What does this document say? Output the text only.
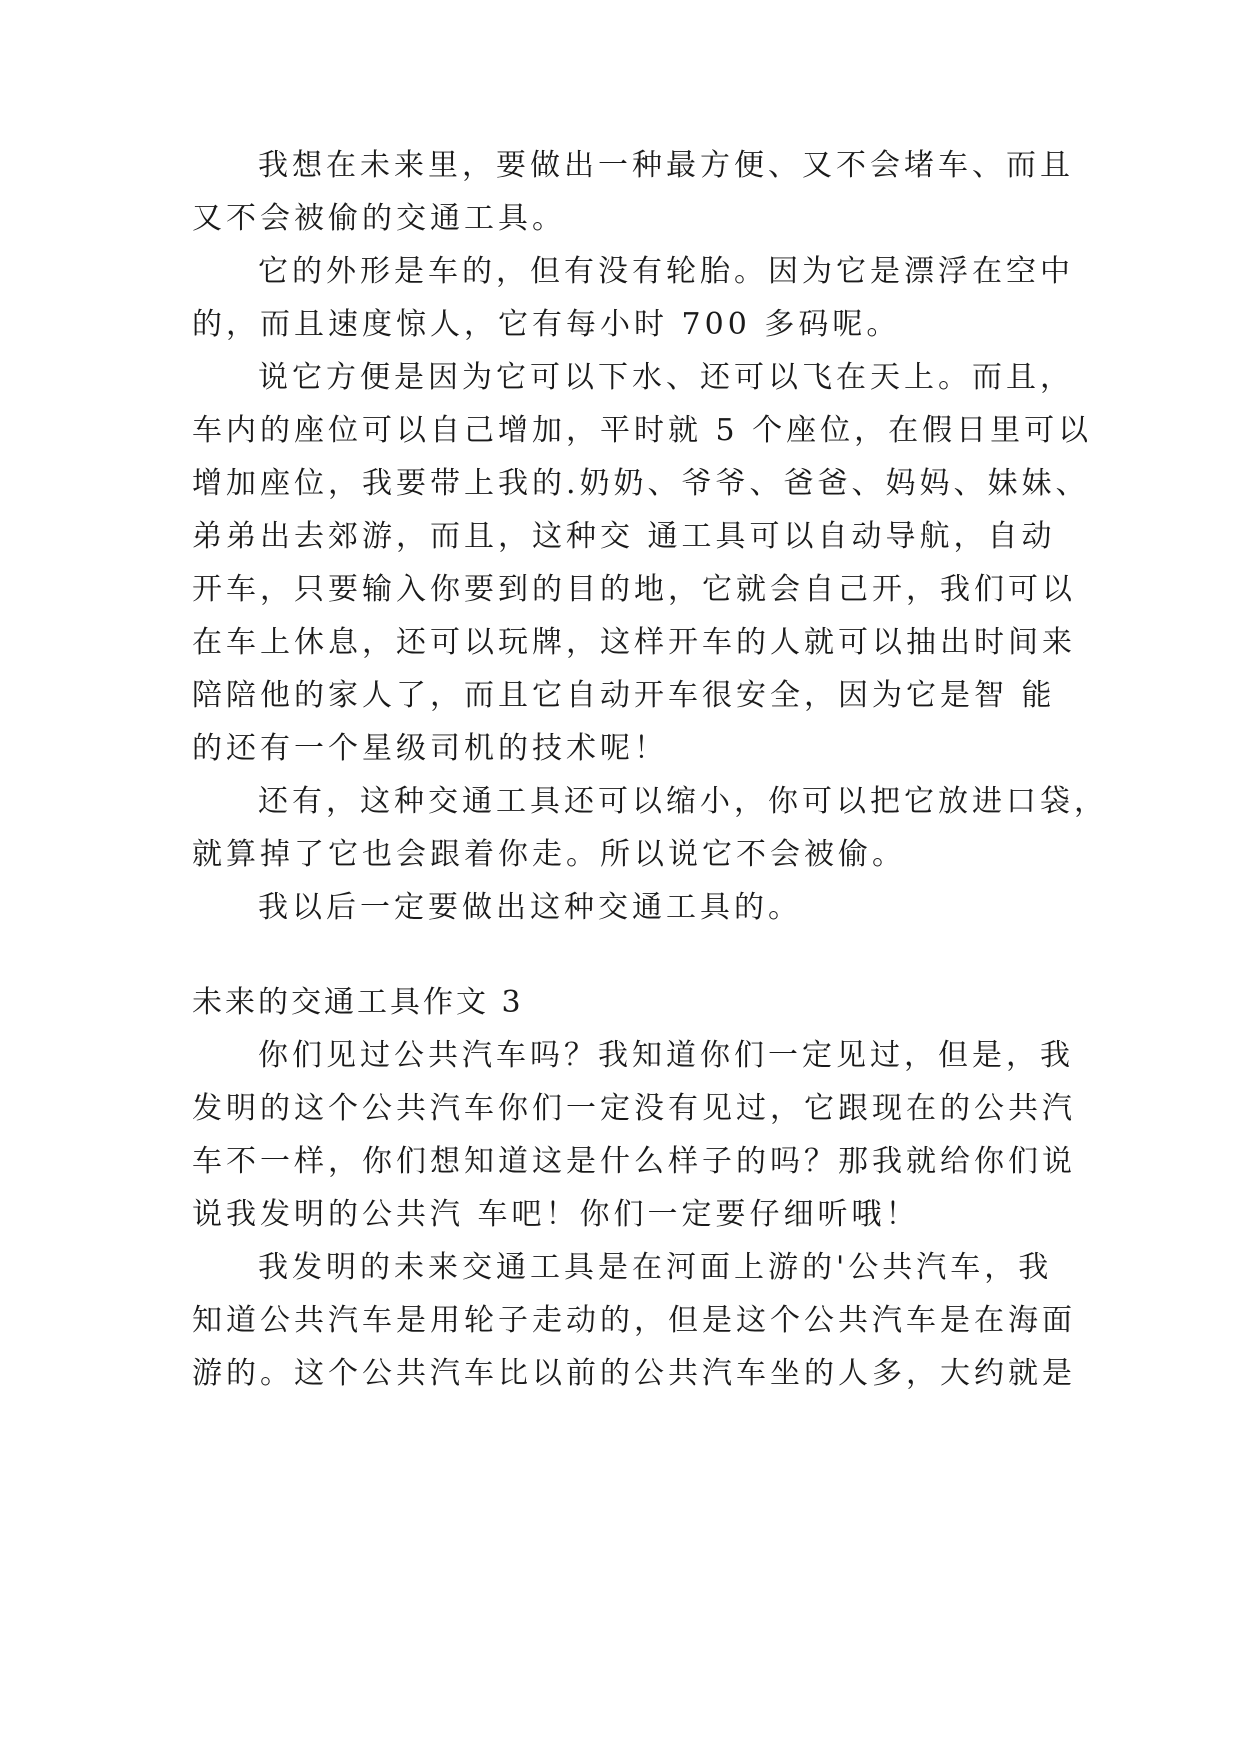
我想在未来里，要做出一种最方便、又不会堵车、而且
又不会被偷的交通工具。
它的外形是车的，但有没有轮胎。因为它是漂浮在空中
的，而且速度惊人，它有每小时 700 多码呢。
说它方便是因为它可以下水、还可以飞在天上。而且，
车内的座位可以自己增加，平时就 5 个座位，在假日里可以
增加座位，我要带上我的.奶奶、爷爷、爸爸、妈妈、妹妹、
弟弟出去郊游，而且，这种交 通工具可以自动导航，自动
开车，只要输入你要到的目的地，它就会自己开，我们可以
在车上休息，还可以玩牌，这样开车的人就可以抽出时间来
陪陪他的家人了，而且它自动开车很安全，因为它是智 能
的还有一个星级司机的技术呢！
还有，这种交通工具还可以缩小，你可以把它放进口袋，
就算掉了它也会跟着你走。所以说它不会被偷。
我以后一定要做出这种交通工具的。
未来的交通工具作文 3
你们见过公共汽车吗？我知道你们一定见过，但是，我
发明的这个公共汽车你们一定没有见过，它跟现在的公共汽
车不一样，你们想知道这是什么样子的吗？那我就给你们说
说我发明的公共汽 车吧！你们一定要仔细听哦！
我发明的未来交通工具是在河面上游的'公共汽车，我
知道公共汽车是用轮子走动的，但是这个公共汽车是在海面
游的。这个公共汽车比以前的公共汽车坐的人多，大约就是
